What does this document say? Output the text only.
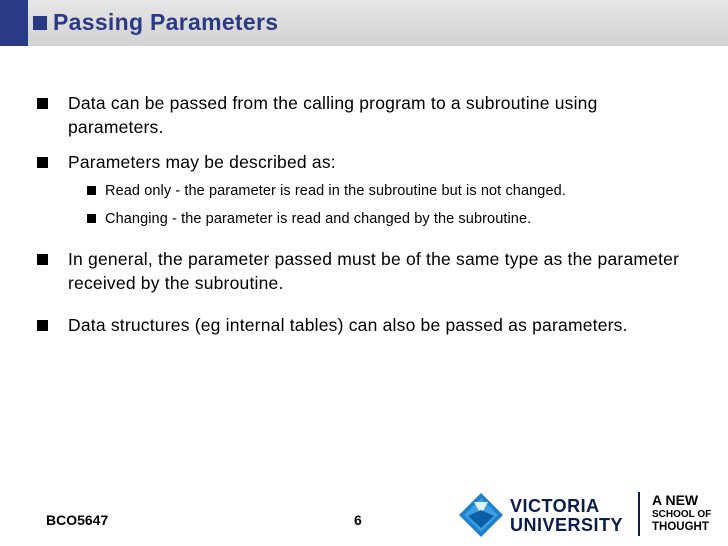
Passing Parameters
Data can be passed from the calling program to a subroutine using parameters.
Parameters may be described as:
Read only - the parameter is read in the subroutine but is not changed.
Changing - the parameter is read and changed by the subroutine.
In general, the parameter passed must be of the same type as the parameter received by the subroutine.
Data structures (eg internal tables) can also be passed as parameters.
BCO5647	6
VICTORIA
UNIVERSITY
A NEW
SCHOOL OF
THOUGHT
